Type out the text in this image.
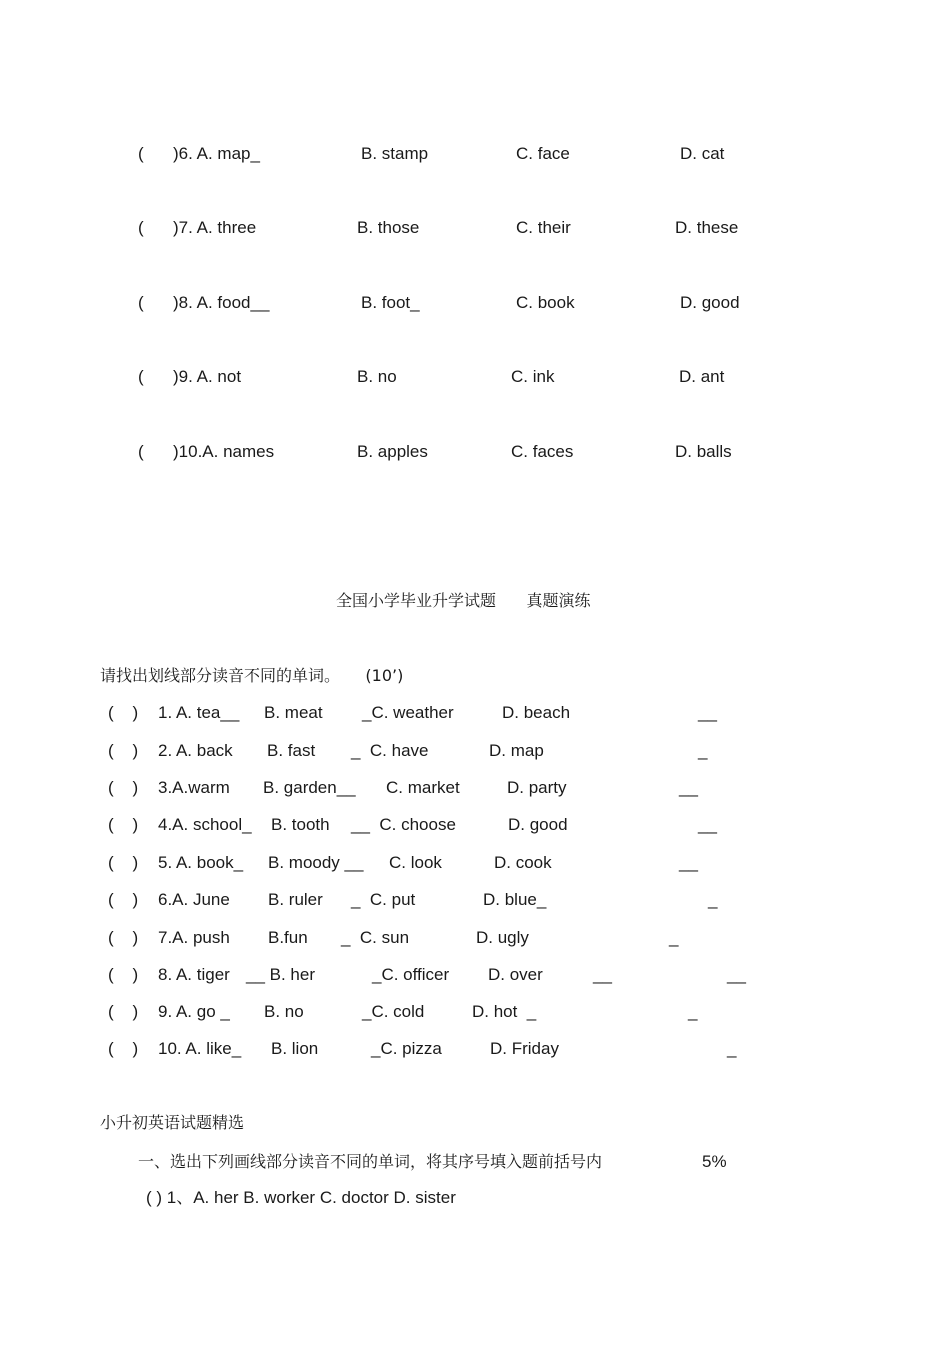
( )6. A. map_	B. stamp	C. face	D. cat
( )7. A. three	B. those	C. their	D. these
( )8. A. food__	B. foot_	C. book	D. good
( )9. A. not	B. no	C. ink	D. ant
( )10.A. names	B. apples	C. faces	D. balls
全国小学毕业升学试题      真题演练
请找出划线部分读音不同的单词。     (10’)
(    ) 1. A. tea__ B. meat _C. weather	D. beach	__
(    ) 2. A. back B. fast _  C. have	D. map	_
(    ) 3.A.warm B. garden__ C. market	D. party	__
(    ) 4.A. school_ B. tooth __  C. choose	D. good	__
(    ) 5. A. book_ B. moody __ C. look	D. cook	__
(    ) 6.A. June B. ruler _  C. put	D. blue_	_
(    ) 7.A. push B.fun _  C. sun	D. ugly	_
(    ) 8. A. tiger __ B. her	_C. officer D. over	__	__
(    ) 9. A. go _ B. no	_C. cold	D. hot  _	_
(    ) 10. A. like_ B. lion	_C. pizza	D. Friday	_
小升初英语试题精选
一、选出下列画线部分读音不同的单词，将其序号填入题前括号内	5%
( ) 1、A. her B. worker C. doctor D. sister
